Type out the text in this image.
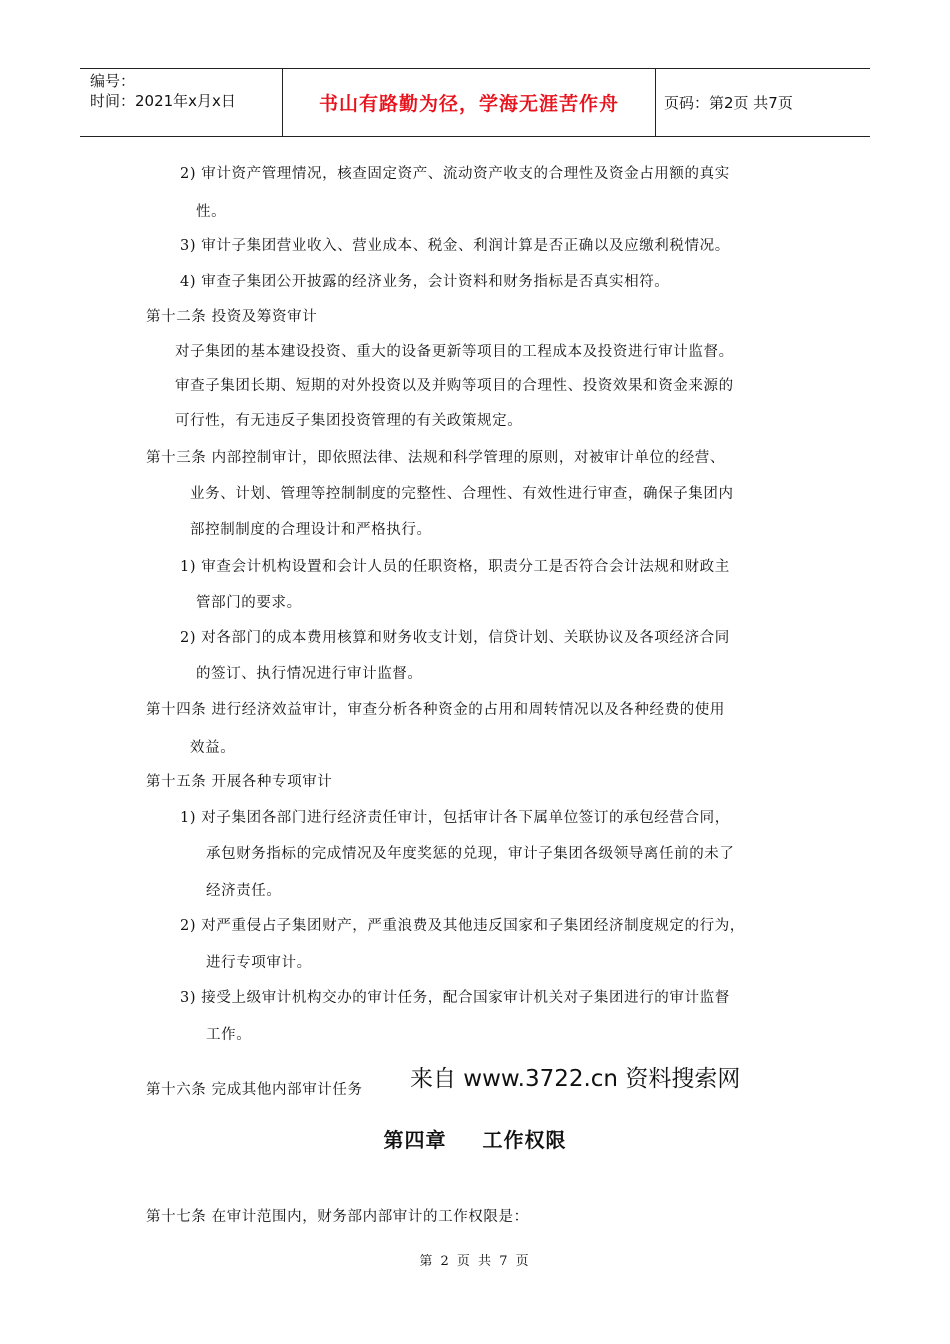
编号：
时间：2021年x月x日	书山有路勤为径，学海无涯苦作舟	页码：第2页 共7页
2) 审计资产管理情况，核查固定资产、流动资产收支的合理性及资金占用额的真实
性。
3) 审计子集团营业收入、营业成本、税金、利润计算是否正确以及应缴利税情况。
4) 审查子集团公开披露的经济业务，会计资料和财务指标是否真实相符。
第十二条 投资及筹资审计
对子集团的基本建设投资、重大的设备更新等项目的工程成本及投资进行审计监督。
审查子集团长期、短期的对外投资以及并购等项目的合理性、投资效果和资金来源的
可行性，有无违反子集团投资管理的有关政策规定。
第十三条 内部控制审计，即依照法律、法规和科学管理的原则，对被审计单位的经营、
业务、计划、管理等控制制度的完整性、合理性、有效性进行审查，确保子集团内
部控制制度的合理设计和严格执行。
1) 审查会计机构设置和会计人员的任职资格，职责分工是否符合会计法规和财政主
管部门的要求。
2) 对各部门的成本费用核算和财务收支计划，信贷计划、关联协议及各项经济合同
的签订、执行情况进行审计监督。
第十四条 进行经济效益审计，审查分析各种资金的占用和周转情况以及各种经费的使用
效益。
第十五条 开展各种专项审计
1) 对子集团各部门进行经济责任审计，包括审计各下属单位签订的承包经营合同，
承包财务指标的完成情况及年度奖惩的兑现，审计子集团各级领导离任前的未了
经济责任。
2) 对严重侵占子集团财产，严重浪费及其他违反国家和子集团经济制度规定的行为，
进行专项审计。
3) 接受上级审计机构交办的审计任务，配合国家审计机关对子集团进行的审计监督
工作。
第十六条 完成其他内部审计任务 来自 www.3722.cn 资料搜索网
第四章 工作权限
第十七条 在审计范围内，财务部内部审计的工作权限是：
第 2 页 共 7 页
